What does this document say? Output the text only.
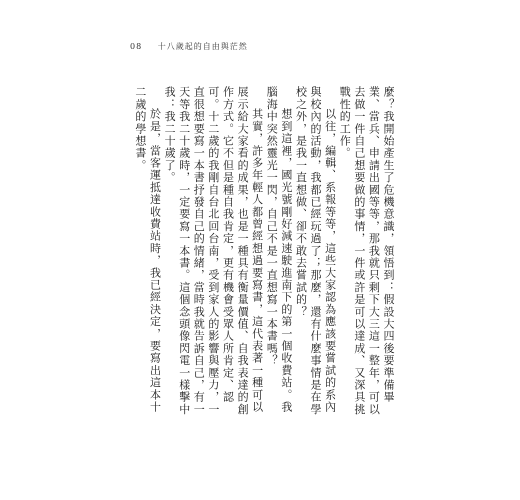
08 十八歲起的自由與茫然

麼？我開始產生了危機意識，領悟到：假設大四後要準備畢業、當兵、申請出國等等，那我就只剩下大三這一整年，可以去做一件自己想要做的事情，一件或許是可以達成、又深具挑戰性的工作。

以往，編輯、系報等等，這些大家認為應該要嘗試的系內與校內的活動，我都已經玩過了；那麼，還有什麼事情是在學校之外，是我一直想做、卻不敢去嘗試的？

想到這裡，國光號剛好減速駛進南下的第一個收費站。我腦海中突然靈光一閃，自己不是一直想寫一本書嗎？

其實，許多年輕人都曾經想過要寫書，這代表著一種可以展示給大家看的成果，也是一種具有衡量價值、自我表達的創作方式。它不但是種自我肯定，更有機會受眾人所肯定、認可。十二歲的我剛自台北回台南，受到家人的影響與壓力，一直很想要寫一本書抒發自己的情緒，當時我就告訴自己，有一天等我二十歲時，一定要寫一本書。這個念頭像閃電一樣擊中我：我二十歲了。

於是，當客運抵達收費站時，我已經決定，要寫出這本十二歲的學想書。
